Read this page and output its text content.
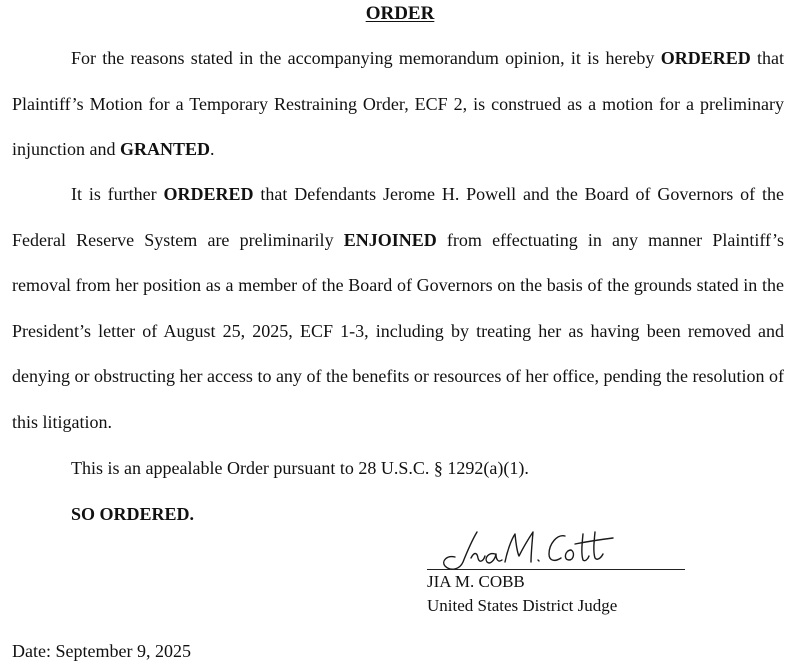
ORDER

For the reasons stated in the accompanying memorandum opinion, it is hereby ORDERED that Plaintiff’s Motion for a Temporary Restraining Order, ECF 2, is construed as a motion for a preliminary injunction and GRANTED.

It is further ORDERED that Defendants Jerome H. Powell and the Board of Governors of the Federal Reserve System are preliminarily ENJOINED from effectuating in any manner Plaintiff’s removal from her position as a member of the Board of Governors on the basis of the grounds stated in the President’s letter of August 25, 2025, ECF 1-3, including by treating her as having been removed and denying or obstructing her access to any of the benefits or resources of her office, pending the resolution of this litigation.

This is an appealable Order pursuant to 28 U.S.C. § 1292(a)(1).

SO ORDERED.

JIA M. COBB
United States District Judge
Date: September 9, 2025
